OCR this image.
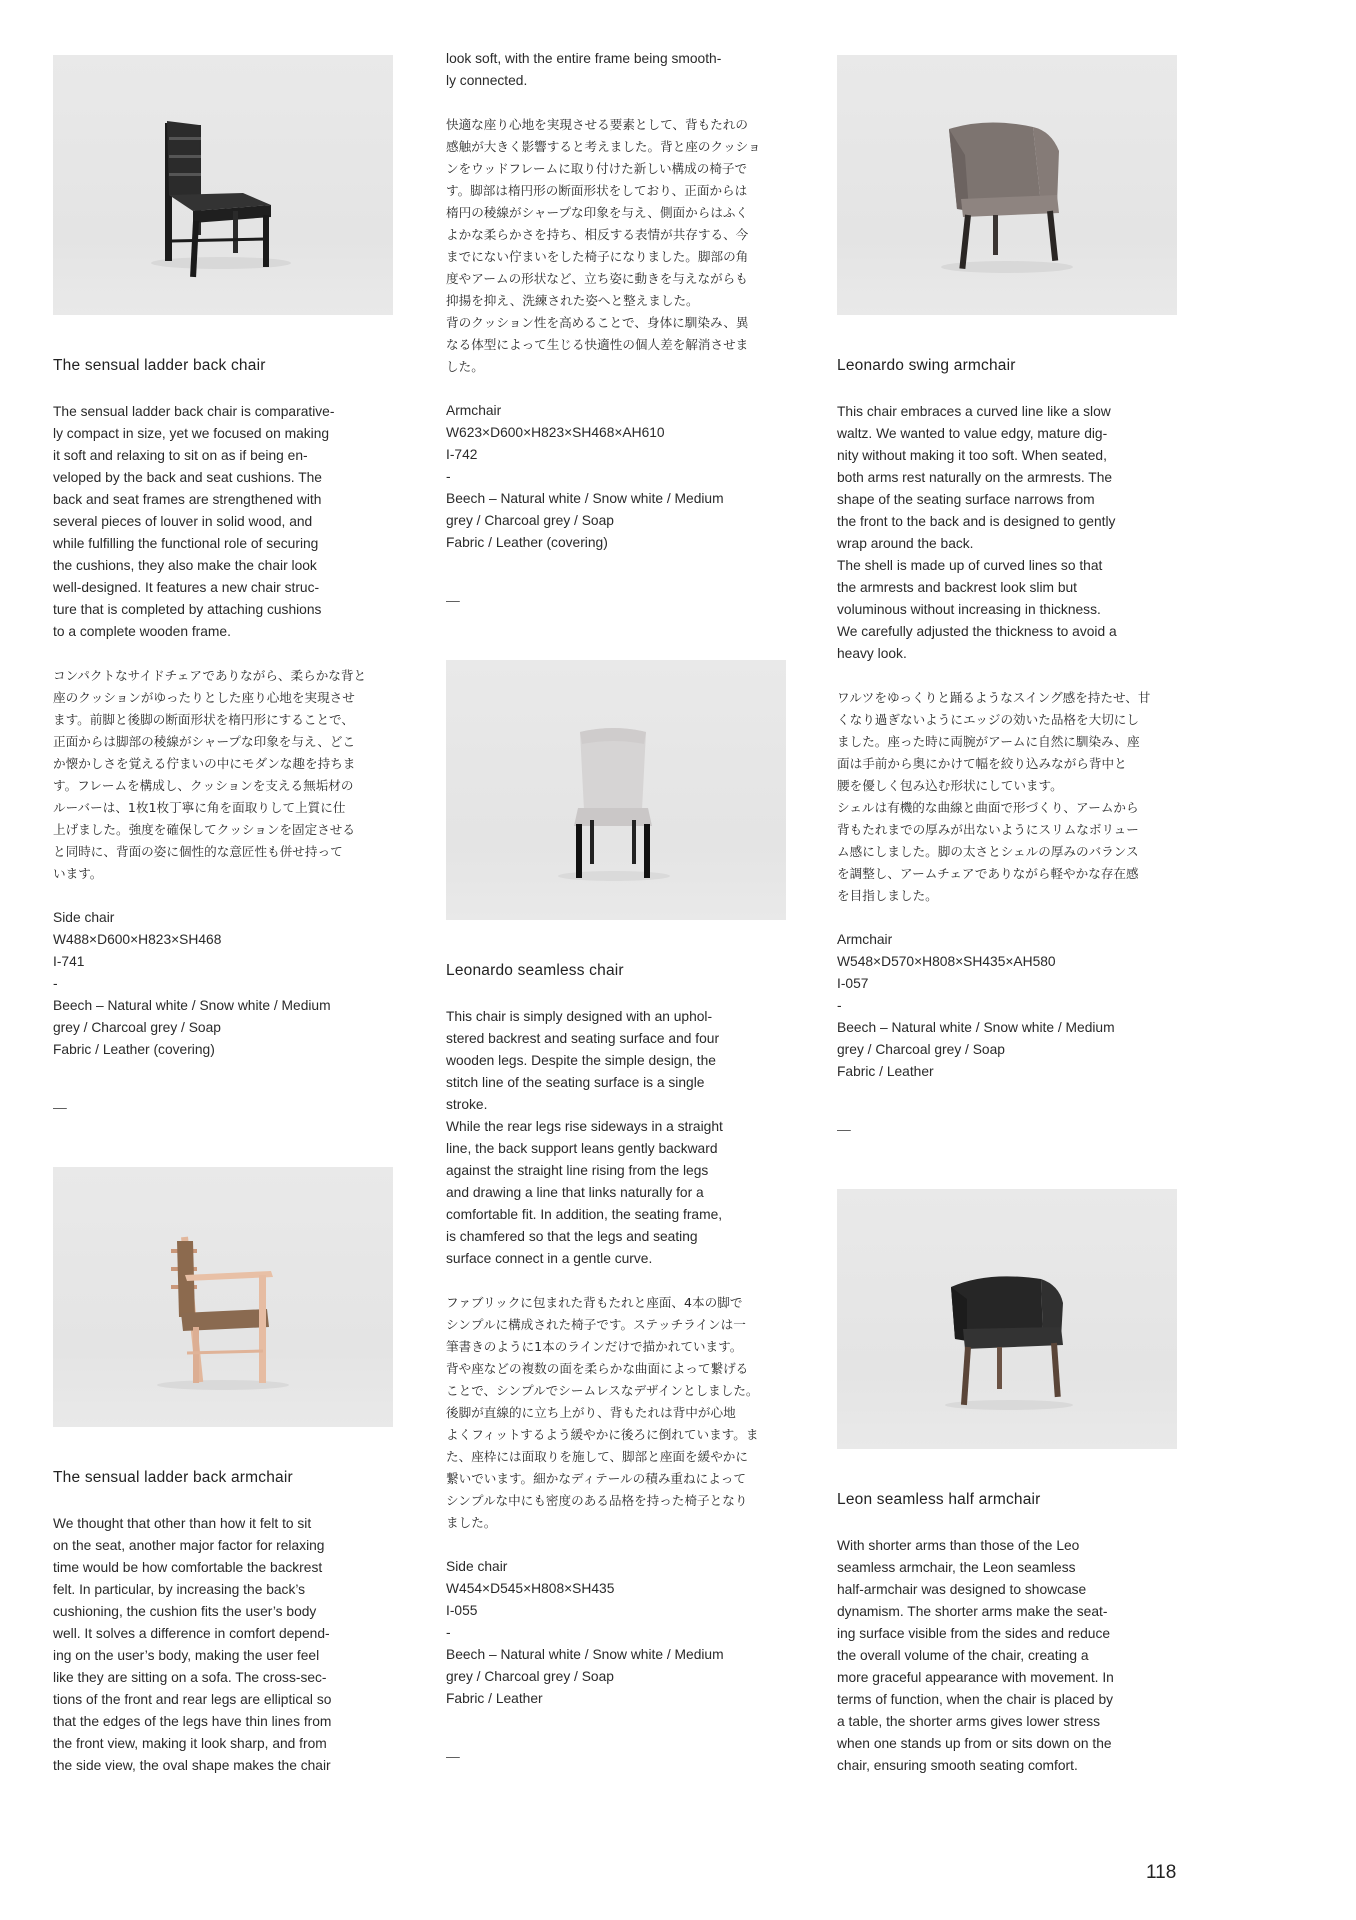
The sensual ladder back chair

The sensual ladder back chair is comparative-

ly compact in size, yet we focused on making

it soft and relaxing to sit on as if being en-

veloped by the back and seat cushions. The

back and seat frames are strengthened with

several pieces of louver in solid wood, and

while fulfilling the functional role of securing

the cushions, they also make the chair look

well-designed. It features a new chair struc-

ture that is completed by attaching cushions

to a complete wooden frame.

コンパクトなサイドチェアでありながら、柔らかな背と

座のクッションがゆったりとした座り心地を実現させ

ます。前脚と後脚の断面形状を楕円形にすることで、

正面からは脚部の稜線がシャープな印象を与え、どこ

か懐かしさを覚える佇まいの中にモダンな趣を持ちま

す。フレームを構成し、クッションを支える無垢材の

ルーバーは、1枚1枚丁寧に角を面取りして上質に仕

上げました。強度を確保してクッションを固定させる

と同時に、背面の姿に個性的な意匠性も併せ持って

います。

Side chair
W488×D600×H823×SH468
I-741
-
Beech – Natural white / Snow white / Medium
grey / Charcoal grey / Soap
Fabric / Leather (covering)
—
The sensual ladder back armchair

We thought that other than how it felt to sit

on the seat, another major factor for relaxing

time would be how comfortable the backrest

felt. In particular, by increasing the back’s

cushioning, the cushion fits the user’s body

well. It solves a difference in comfort depend-

ing on the user’s body, making the user feel

like they are sitting on a sofa. The cross-sec-

tions of the front and rear legs are elliptical so

that the edges of the legs have thin lines from

the front view, making it look sharp, and from

the side view, the oval shape makes the chair

look soft, with the entire frame being smooth-

ly connected.

快適な座り心地を実現させる要素として、背もたれの

感触が大きく影響すると考えました。背と座のクッショ

ンをウッドフレームに取り付けた新しい構成の椅子で

す。脚部は楕円形の断面形状をしており、正面からは

楕円の稜線がシャープな印象を与え、側面からはふく

よかな柔らかさを持ち、相反する表情が共存する、今

までにない佇まいをした椅子になりました。脚部の角

度やアームの形状など、立ち姿に動きを与えながらも

抑揚を抑え、洗練された姿へと整えました。

背のクッション性を高めることで、身体に馴染み、異

なる体型によって生じる快適性の個人差を解消させま

した。

Armchair
W623×D600×H823×SH468×AH610
I-742
-
Beech – Natural white / Snow white / Medium
grey / Charcoal grey / Soap
Fabric / Leather (covering)
—
Leonardo seamless chair

This chair is simply designed with an uphol-

stered backrest and seating surface and four

wooden legs. Despite the simple design, the

stitch line of the seating surface is a single

stroke.

While the rear legs rise sideways in a straight

line, the back support leans gently backward

against the straight line rising from the legs

and drawing a line that links naturally for a

comfortable fit. In addition, the seating frame,

is chamfered so that the legs and seating

surface connect in a gentle curve.

ファブリックに包まれた背もたれと座面、4本の脚で

シンプルに構成された椅子です。ステッチラインは一

筆書きのように1本のラインだけで描かれています。

背や座などの複数の面を柔らかな曲面によって繋げる

ことで、シンプルでシームレスなデザインとしました。

後脚が直線的に立ち上がり、背もたれは背中が心地

よくフィットするよう緩やかに後ろに倒れています。ま

た、座枠には面取りを施して、脚部と座面を緩やかに

繋いでいます。細かなディテールの積み重ねによって

シンプルな中にも密度のある品格を持った椅子となり

ました。

Side chair
W454×D545×H808×SH435
I-055
-
Beech – Natural white / Snow white / Medium
grey / Charcoal grey / Soap
Fabric / Leather
—
Leonardo swing armchair

This chair embraces a curved line like a slow

waltz. We wanted to value edgy, mature dig-

nity without making it too soft. When seated,

both arms rest naturally on the armrests. The

shape of the seating surface narrows from

the front to the back and is designed to gently

wrap around the back.

The shell is made up of curved lines so that

the armrests and backrest look slim but

voluminous without increasing in thickness.

We carefully adjusted the thickness to avoid a

heavy look.

ワルツをゆっくりと踊るようなスイング感を持たせ、甘

くなり過ぎないようにエッジの効いた品格を大切にし

ました。座った時に両腕がアームに自然に馴染み、座

面は手前から奥にかけて幅を絞り込みながら背中と

腰を優しく包み込む形状にしています。

シェルは有機的な曲線と曲面で形づくり、アームから

背もたれまでの厚みが出ないようにスリムなボリュー

ム感にしました。脚の太さとシェルの厚みのバランス

を調整し、アームチェアでありながら軽やかな存在感

を目指しました。

Armchair
W548×D570×H808×SH435×AH580
I-057
-
Beech – Natural white / Snow white / Medium
grey / Charcoal grey / Soap
Fabric / Leather
—
Leon seamless half armchair

With shorter arms than those of the Leo

seamless armchair, the Leon seamless

half-armchair was designed to showcase

dynamism. The shorter arms make the seat-

ing surface visible from the sides and reduce

the overall volume of the chair, creating a

more graceful appearance with movement. In

terms of function, when the chair is placed by

a table, the shorter arms gives lower stress

when one stands up from or sits down on the

chair, ensuring smooth seating comfort.

118
